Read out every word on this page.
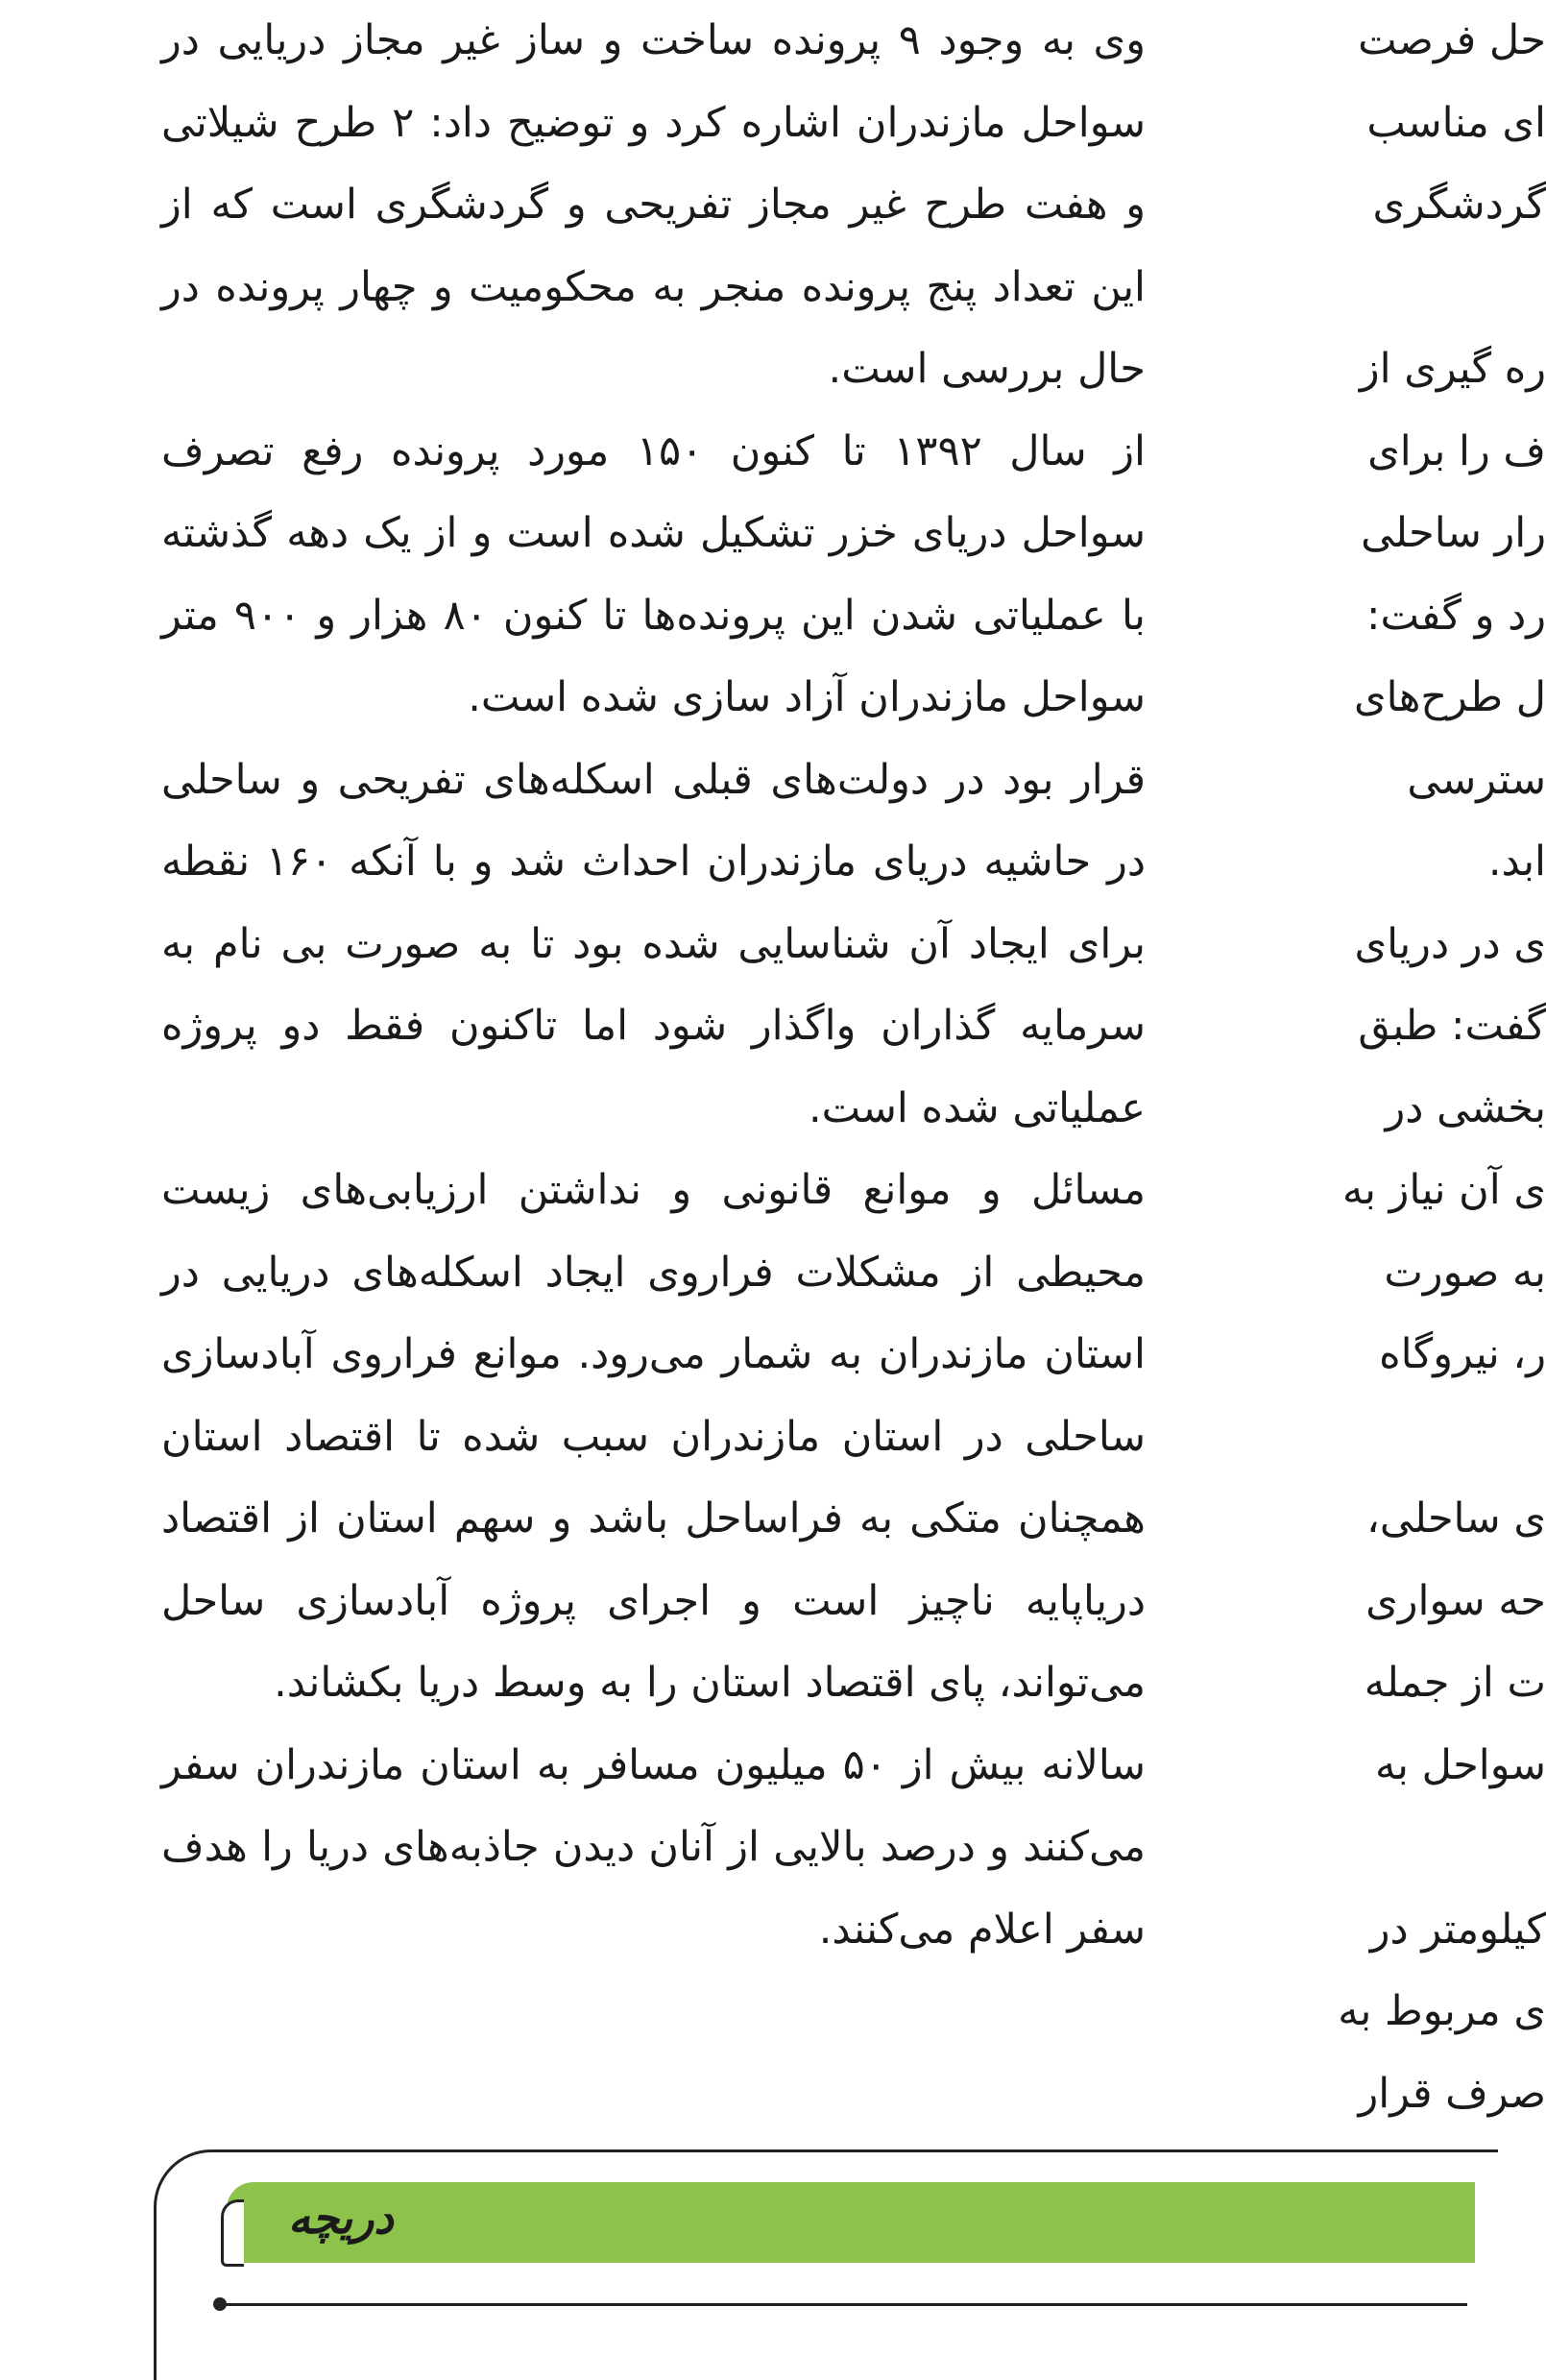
وی به وجود ۹ پرونده ساخت و ساز غیر مجاز دریایی در سواحل مازندران اشاره کرد و توضیح داد: ۲ طرح شیلاتی و هفت طرح غیر مجاز تفریحی و گردشگری است که از این تعداد پنج پرونده منجر به محکومیت و چهار پرونده در حال بررسی است.

از سال ۱۳۹۲ تا کنون ۱۵۰ مورد پرونده رفع تصرف سواحل دریای خزر تشکیل شده است و از یک دهه گذشته با عملیاتی شدن این پرونده‌ها تا کنون ۸۰ هزار و ۹۰۰ متر سواحل مازندران آزاد سازی شده است.

قرار بود در دولت‌های قبلی اسکله‌های تفریحی و ساحلی در حاشیه دریای مازندران احداث شد و با آنکه ۱۶۰ نقطه برای ایجاد آن شناسایی شده بود تا به صورت بی نام به سرمایه گذاران واگذار شود اما تاکنون فقط دو پروژه عملیاتی شده است.

مسائل و موانع قانونی و نداشتن ارزیابی‌های زیست محیطی از مشکلات فراروی ایجاد اسکله‌های دریایی در استان مازندران به شمار می‌رود. موانع فراروی آبادسازی ساحلی در استان مازندران سبب شده تا اقتصاد استان همچنان متکی به فراساحل باشد و سهم استان از اقتصاد دریاپایه ناچیز است و اجرای پروژه آبادسازی ساحل می‌تواند، پای اقتصاد استان را به وسط دریا بکشاند.

سالانه بیش از ۵۰ میلیون مسافر به استان مازندران سفر می‌کنند و درصد بالایی از آنان دیدن جاذبه‌های دریا را هدف سفر اعلام می‌کنند.

حل فرصت
ای مناسب
گردشگری
ره گیری از
ف را برای
رار ساحلی
رد و گفت:
ل طرح‌های
سترسی
ابد.
ی در دریای
گفت: طبق
بخشی در
ی آن نیاز به
به صورت
ر، نیروگاه
ی ساحلی،
حه سواری
ت از جمله
سواحل به
کیلومتر در
ی مربوط به
صرف قرار
دریچه
